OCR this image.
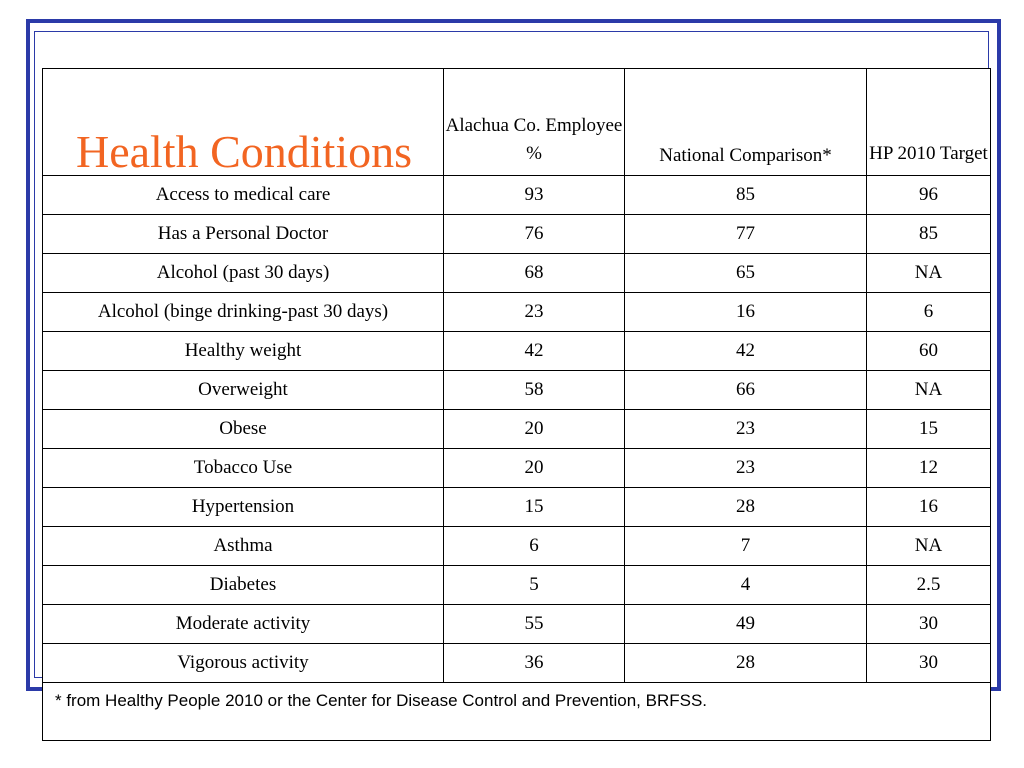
Health Conditions	Alachua Co. Employee %	National Comparison*	HP 2010 Target

Access to medical care	93	85	96
Has a Personal Doctor	76	77	85
Alcohol (past 30 days)	68	65	NA
Alcohol (binge drinking-past 30 days)	23	16	6
Healthy weight	42	42	60
Overweight	58	66	NA
Obese	20	23	15
Tobacco Use	20	23	12
Hypertension	15	28	16
Asthma	6	7	NA
Diabetes	5	4	2.5
Moderate activity	55	49	30
Vigorous activity	36	28	30

* from Healthy People 2010 or the Center for Disease Control and Prevention, BRFSS.			
